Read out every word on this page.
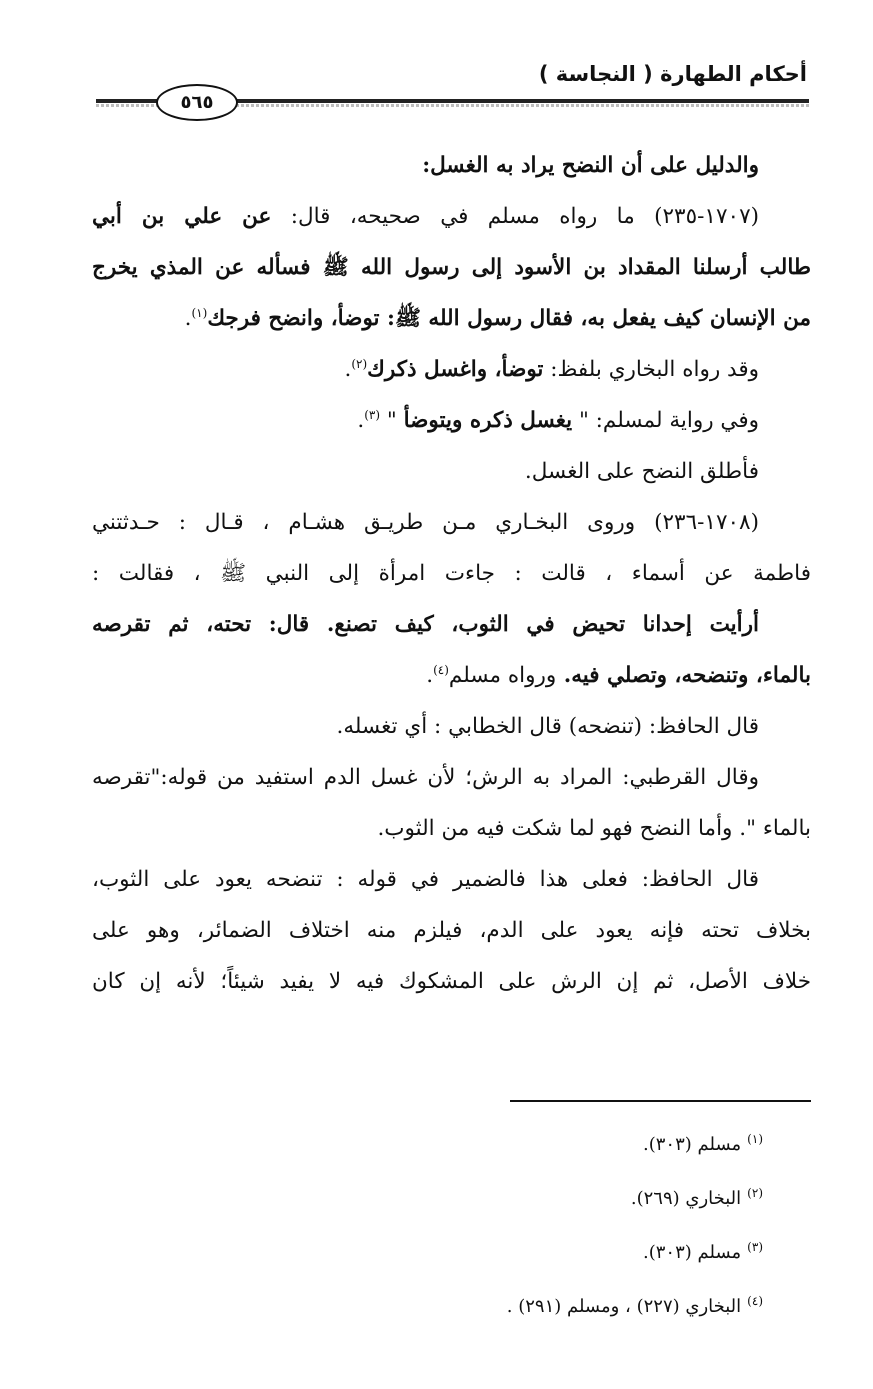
أحكام الطهارة ( النجاسة )
٥٦٥
والدليل على أن النضح يراد به الغسل:
(١٧٠٧-٢٣٥) ما رواه مسلم في صحيحه، قال: عن علي بن أبي
طالب أرسلنا المقداد بن الأسود إلى رسول الله ﷺ فسأله عن المذي يخرج
من الإنسان كيف يفعل به، فقال رسول الله ﷺ: توضأ، وانضح فرجك$^{(١)}$.
وقد رواه البخاري بلفظ: توضأ، واغسل ذكرك$^{(٢)}$.
وفي رواية لمسلم: " يغسل ذكره ويتوضأ " $^{(٣)}$.
فأطلق النضح على الغسل.
(١٧٠٨-٢٣٦) وروى البخـاري مـن طريـق هشـام ، قـال : حـدثتني
فاطمة عن أسماء ، قالت : جاءت امرأة إلى النبي ﷺ ، فقالت :
أرأيت إحدانا تحيض في الثوب، كيف تصنع. قال: تحته، ثم تقرصه
بالماء، وتنضحه، وتصلي فيه. ورواه مسلم$^{(٤)}$.
قال الحافظ: (تنضحه) قال الخطابي : أي تغسله.
وقال القرطبي: المراد به الرش؛ لأن غسل الدم استفيد من قوله:"تقرصه
بالماء ". وأما النضح فهو لما شكت فيه من الثوب.
قال الحافظ: فعلى هذا فالضمير في قوله : تنضحه يعود على الثوب،
بخلاف تحته فإنه يعود على الدم، فيلزم منه اختلاف الضمائر، وهو على
خلاف الأصل، ثم إن الرش على المشكوك فيه لا يفيد شيئاً؛ لأنه إن كان
$^{(١)}$مسلم (٣٠٣).
$^{(٢)}$البخاري (٢٦٩).
$^{(٣)}$مسلم (٣٠٣).
$^{(٤)}$البخاري (٢٢٧) ، ومسلم (٢٩١) .
